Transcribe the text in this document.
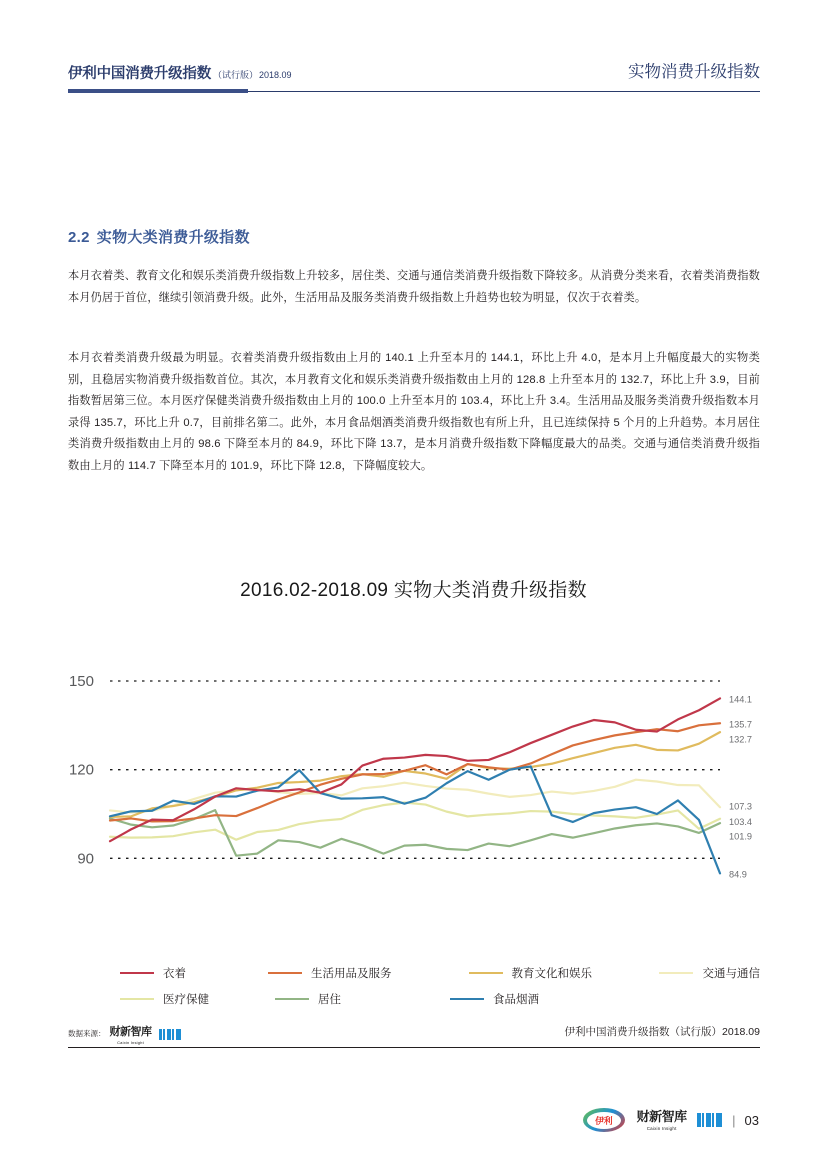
伊利中国消费升级指数 （试行版）2018.09	实物消费升级指数
2.2 实物大类消费升级指数
本月衣着类、教育文化和娱乐类消费升级指数上升较多，居住类、交通与通信类消费升级指数下降较多。从消费分类来看，衣着类消费指数本月仍居于首位，继续引领消费升级。此外，生活用品及服务类消费升级指数上升趋势也较为明显，仅次于衣着类。
本月衣着类消费升级最为明显。衣着类消费升级指数由上月的 140.1 上升至本月的 144.1，环比上升 4.0，是本月上升幅度最大的实物类别，且稳居实物消费升级指数首位。其次，本月教育文化和娱乐类消费升级指数由上月的 128.8 上升至本月的 132.7，环比上升 3.9，目前指数暂居第三位。本月医疗保健类消费升级指数由上月的 100.0 上升至本月的 103.4，环比上升 3.4。生活用品及服务类消费升级指数本月录得 135.7，环比上升 0.7，目前排名第二。此外，本月食品烟酒类消费升级指数也有所上升，且已连续保持 5 个月的上升趋势。本月居住类消费升级指数由上月的 98.6 下降至本月的 84.9，环比下降 13.7，是本月消费升级指数下降幅度最大的品类。交通与通信类消费升级指数由上月的 114.7 下降至本月的 101.9，环比下降 12.8，下降幅度较大。
2016.02-2018.09 实物大类消费升级指数
90
120
150
144.1
135.7
132.7
107.3
103.4
101.9
84.9
衣着	生活用品及服务	教育文化和娱乐	交通与通信
医疗保健	居住	食品烟酒
数据来源： 财新智库
Caixin Insight
伊利中国消费升级指数（试行版）2018.09
伊利	财新智库
Caixin Insight
| 03
